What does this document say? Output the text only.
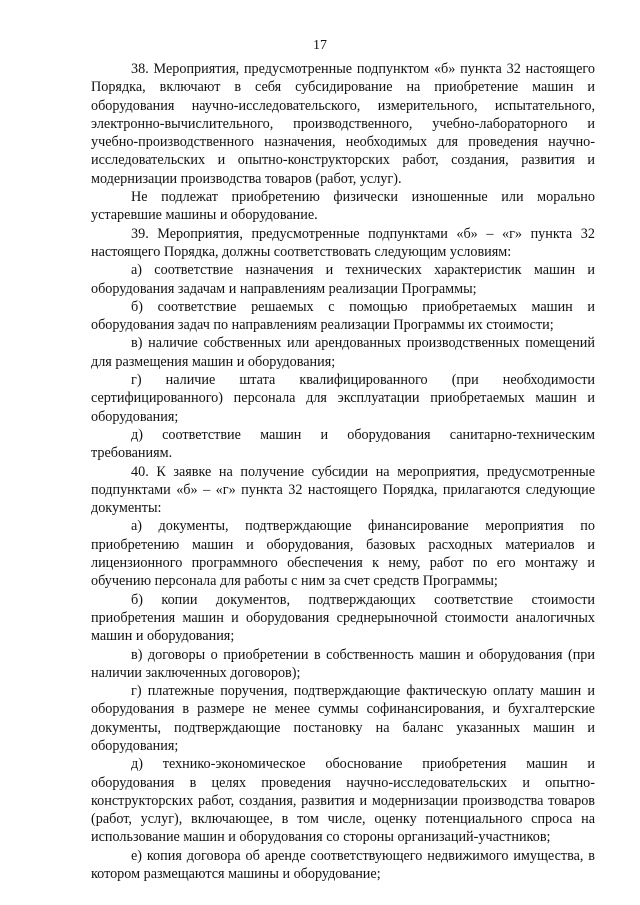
17

38. Мероприятия, предусмотренные подпунктом «б» пункта 32 настоящего Порядка, включают в себя субсидирование на приобретение машин и оборудования научно-исследовательского, измерительного, испытательного, электронно-вычислительного, производственного, учебно-лабораторного и учебно-производственного назначения, необходимых для проведения научно-исследовательских и опытно-конструкторских работ, создания, развития и модернизации производства товаров (работ, услуг).

Не подлежат приобретению физически изношенные или морально устаревшие машины и оборудование.

39. Мероприятия, предусмотренные подпунктами «б» – «г» пункта 32 настоящего Порядка, должны соответствовать следующим условиям:

а) соответствие назначения и технических характеристик машин и оборудования задачам и направлениям реализации Программы;

б) соответствие решаемых с помощью приобретаемых машин и оборудования задач по направлениям реализации Программы их стоимости;

в) наличие собственных или арендованных производственных помещений для размещения машин и оборудования;

г) наличие штата квалифицированного (при необходимости сертифицированного) персонала для эксплуатации приобретаемых машин и оборудования;

д) соответствие машин и оборудования санитарно-техническим требованиям.

40. К заявке на получение субсидии на мероприятия, предусмотренные подпунктами «б» – «г» пункта 32 настоящего Порядка, прилагаются следующие документы:

а) документы, подтверждающие финансирование мероприятия по приобретению машин и оборудования, базовых расходных материалов и лицензионного программного обеспечения к нему, работ по его монтажу и обучению персонала для работы с ним за счет средств Программы;

б) копии документов, подтверждающих соответствие стоимости приобретения машин и оборудования среднерыночной стоимости аналогичных машин и оборудования;

в) договоры о приобретении в собственность машин и оборудования (при наличии заключенных договоров);

г) платежные поручения, подтверждающие фактическую оплату машин и оборудования в размере не менее суммы софинансирования, и бухгалтерские документы, подтверждающие постановку на баланс указанных машин и оборудования;

д) технико-экономическое обоснование приобретения машин и оборудования в целях проведения научно-исследовательских и опытно-конструкторских работ, создания, развития и модернизации производства товаров (работ, услуг), включающее, в том числе, оценку потенциального спроса на использование машин и оборудования со стороны организаций-участников;

е) копия договора об аренде соответствующего недвижимого имущества, в котором размещаются машины и оборудование;
